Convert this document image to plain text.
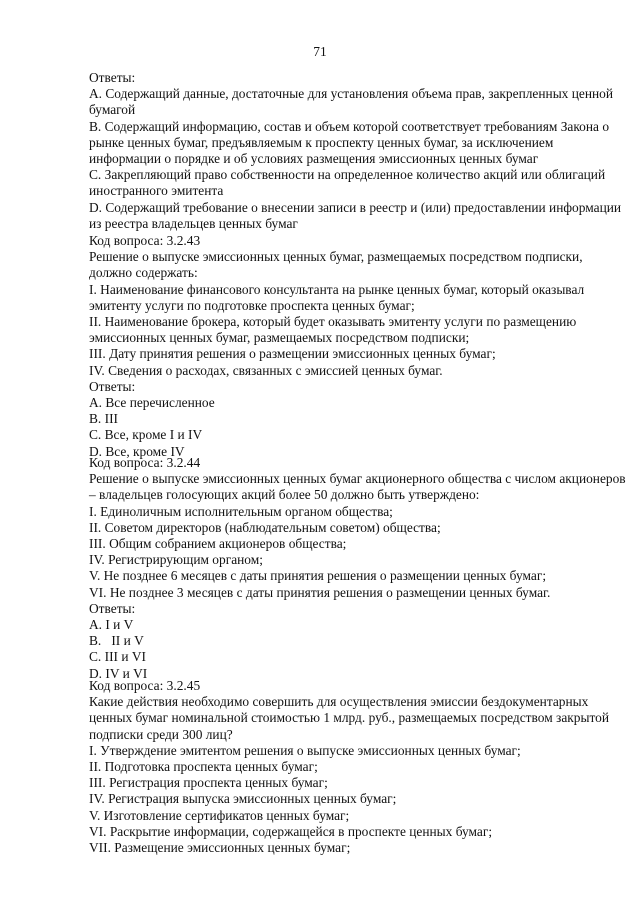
71
Ответы:
А. Содержащий данные, достаточные для установления объема прав, закрепленных ценной
бумагой
В. Содержащий информацию, состав и объем которой соответствует требованиям Закона о
рынке ценных бумаг, предъявляемым к проспекту ценных бумаг, за исключением
информации о порядке и об условиях размещения эмиссионных ценных бумаг
С. Закрепляющий право собственности на определенное количество акций или облигаций
иностранного эмитента
D. Содержащий требование о внесении записи в реестр и (или) предоставлении информации
из реестра владельцев ценных бумаг
Код вопроса: 3.2.43
Решение о выпуске эмиссионных ценных бумаг, размещаемых посредством подписки,
должно содержать:
I. Наименование финансового консультанта на рынке ценных бумаг, который оказывал
эмитенту услуги по подготовке проспекта ценных бумаг;
II. Наименование брокера, который будет оказывать эмитенту услуги по размещению
эмиссионных ценных бумаг, размещаемых посредством подписки;
III. Дату принятия решения о размещении эмиссионных ценных бумаг;
IV. Сведения о расходах, связанных с эмиссией ценных бумаг.
Ответы:
А. Все перечисленное
В. III
С. Все, кроме I и IV
D. Все, кроме IV
Код вопроса: 3.2.44
Решение о выпуске эмиссионных ценных бумаг акционерного общества с числом акционеров
– владельцев голосующих акций более 50 должно быть утверждено:
I. Единоличным исполнительным органом общества;
II. Советом директоров (наблюдательным советом) общества;
III. Общим собранием акционеров общества;
IV. Регистрирующим органом;
V. Не позднее 6 месяцев с даты принятия решения о размещении ценных бумаг;
VI. Не позднее 3 месяцев с даты принятия решения о размещении ценных бумаг.
Ответы:
А. I и V
В.   II и V
С. III и VI
D. IV и VI
Код вопроса: 3.2.45
Какие действия необходимо совершить для осуществления эмиссии бездокументарных
ценных бумаг номинальной стоимостью 1 млрд. руб., размещаемых посредством закрытой
подписки среди 300 лиц?
I. Утверждение эмитентом решения о выпуске эмиссионных ценных бумаг;
II. Подготовка проспекта ценных бумаг;
III. Регистрация проспекта ценных бумаг;
IV. Регистрация выпуска эмиссионных ценных бумаг;
V. Изготовление сертификатов ценных бумаг;
VI. Раскрытие информации, содержащейся в проспекте ценных бумаг;
VII. Размещение эмиссионных ценных бумаг;
